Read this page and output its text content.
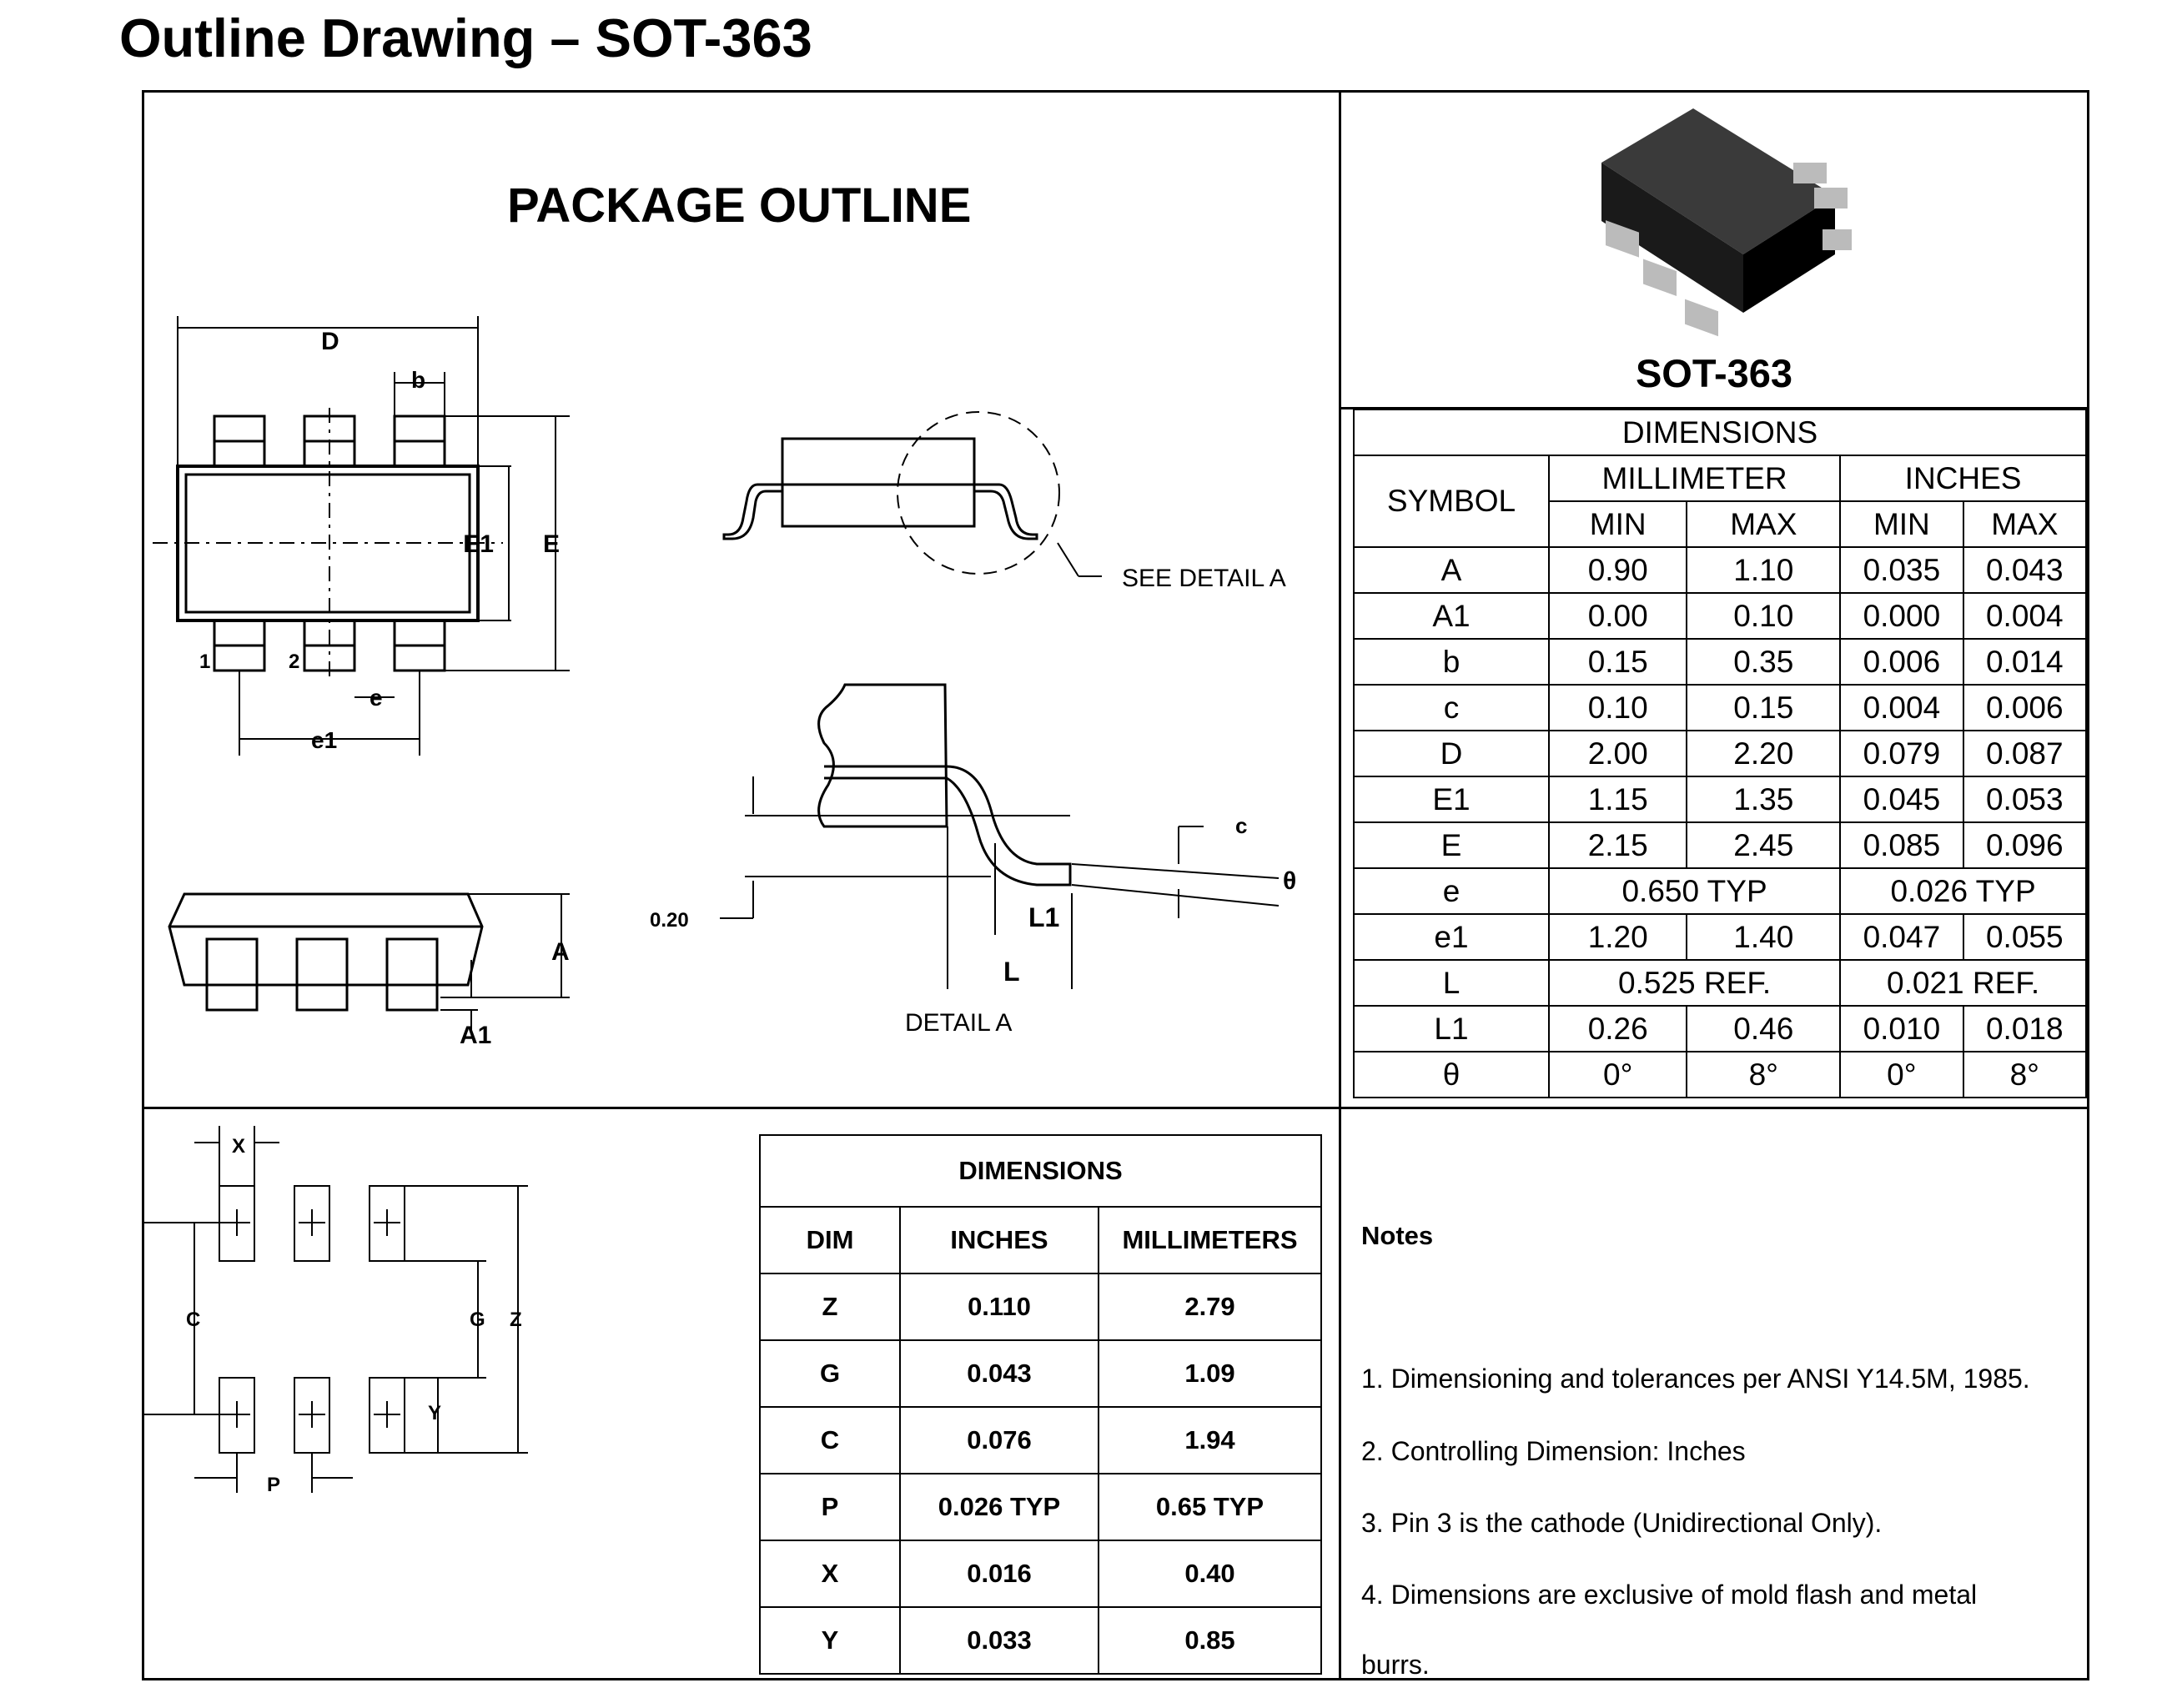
Outline Drawing – SOT-363
PACKAGE OUTLINE
D
b
E1 E
1	2
e
e1
A
A1
SEE DETAIL A
0.20
c
θ
L1
L
DETAIL A
SOT-363
DIMENSIONS				
SYMBOL	MILLIMETER		INCHES	
	MIN	MAX	MIN	MAX
A	0.90	1.10	0.035	0.043
A1	0.00	0.10	0.000	0.004
b	0.15	0.35	0.006	0.014
c	0.10	0.15	0.004	0.006
D	2.00	2.20	0.079	0.087
E1	1.15	1.35	0.045	0.053
E	2.15	2.45	0.085	0.096
e	0.650 TYP		0.026 TYP	
e1	1.20	1.40	0.047	0.055
L	0.525 REF.		0.021 REF.	
L1	0.26	0.46	0.010	0.018
θ	0°	8°	0°	8°
X
C	G Z
Y
P
DIMENSIONS		
DIM	INCHES	MILLIMETERS
Z	0.110	2.79
G	0.043	1.09
C	0.076	1.94
P	0.026 TYP	0.65 TYP
X	0.016	0.40
Y	0.033	0.85
Notes
1. Dimensioning and tolerances per ANSI Y14.5M, 1985.
2. Controlling Dimension: Inches
3. Pin 3 is the cathode (Unidirectional Only).
4. Dimensions are exclusive of mold flash and metal
burrs.
